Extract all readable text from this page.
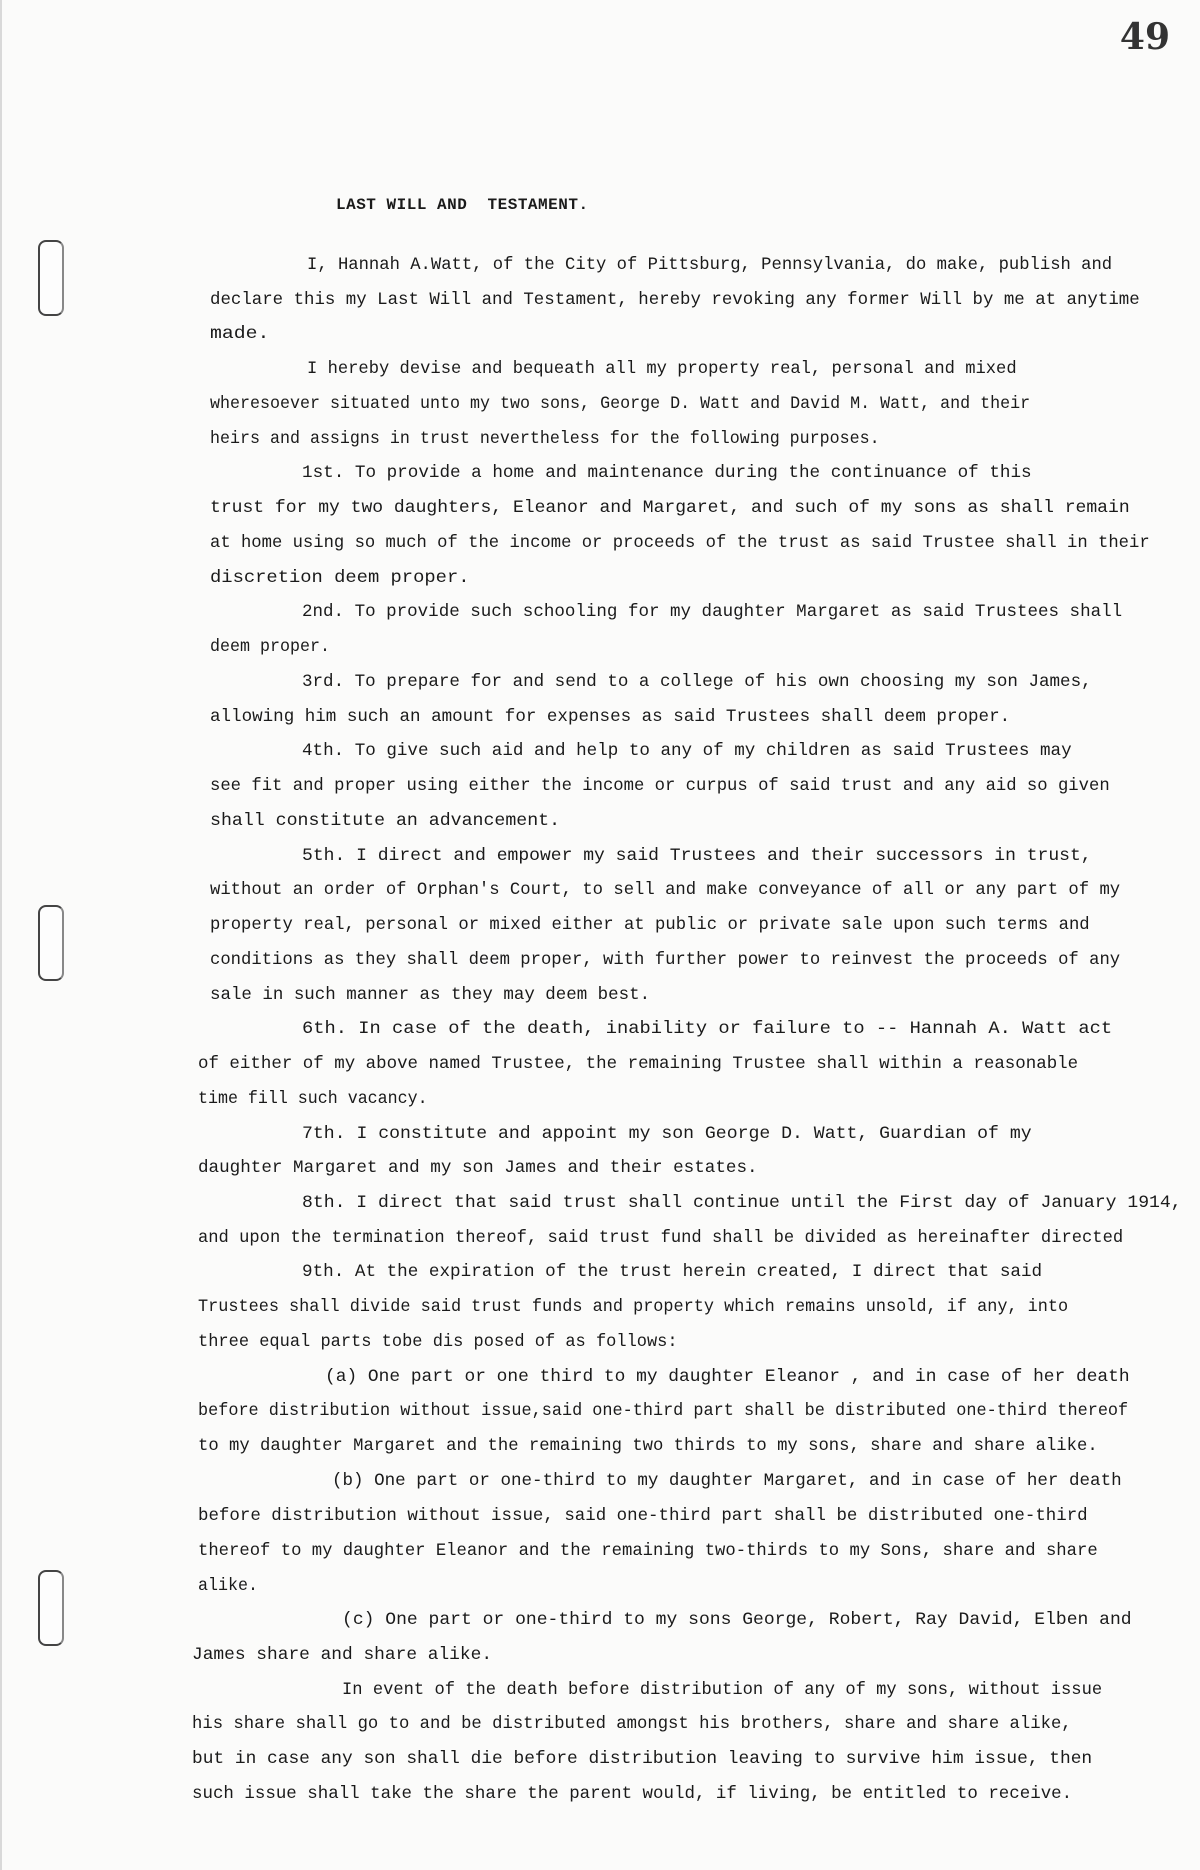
49
LAST WILL AND  TESTAMENT.
I, Hannah A.Watt, of the City of Pittsburg, Pennsylvania, do make, publish and
declare this my Last Will and Testament, hereby revoking any former Will by me at anytime
made.
I hereby devise and bequeath all my property real, personal and mixed
wheresoever situated unto my two sons, George D. Watt and David M. Watt, and their
heirs and assigns in trust nevertheless for the following purposes.
1st. To provide a home and maintenance during the continuance of this
trust for my two daughters, Eleanor and Margaret, and such of my sons as shall remain
at home using so much of the income or proceeds of the trust as said Trustee shall in their
discretion deem proper.
2nd. To provide such schooling for my daughter Margaret as said Trustees shall
deem proper.
3rd. To prepare for and send to a college of his own choosing my son James,
allowing him such an amount for expenses as said Trustees shall deem proper.
4th. To give such aid and help to any of my children as said Trustees may
see fit and proper using either the income or curpus of said trust and any aid so given
shall constitute an advancement.
5th. I direct and empower my said Trustees and their successors in trust,
without an order of Orphan's Court, to sell and make conveyance of all or any part of my
property real, personal or mixed either at public or private sale upon such terms and
conditions as they shall deem proper, with further power to reinvest the proceeds of any
sale in such manner as they may deem best.
6th. In case of the death, inability or failure to -- Hannah A. Watt act
of either of my above named Trustee, the remaining Trustee shall within a reasonable
time fill such vacancy.
7th. I constitute and appoint my son George D. Watt, Guardian of my
daughter Margaret and my son James and their estates.
8th. I direct that said trust shall continue until the First day of January 1914,
and upon the termination thereof, said trust fund shall be divided as hereinafter directed
9th. At the expiration of the trust herein created, I direct that said
Trustees shall divide said trust funds and property which remains unsold, if any, into
three equal parts tobe dis posed of as follows:
(a) One part or one third to my daughter Eleanor , and in case of her death
before distribution without issue,said one-third part shall be distributed one-third thereof
to my daughter Margaret and the remaining two thirds to my sons, share and share alike.
(b) One part or one-third to my daughter Margaret, and in case of her death
before distribution without issue, said one-third part shall be distributed one-third
thereof to my daughter Eleanor and the remaining two-thirds to my Sons, share and share
alike.
(c) One part or one-third to my sons George, Robert, Ray David, Elben and
James share and share alike.
In event of the death before distribution of any of my sons, without issue
his share shall go to and be distributed amongst his brothers, share and share alike,
but in case any son shall die before distribution leaving to survive him issue, then
such issue shall take the share the parent would, if living, be entitled to receive.
